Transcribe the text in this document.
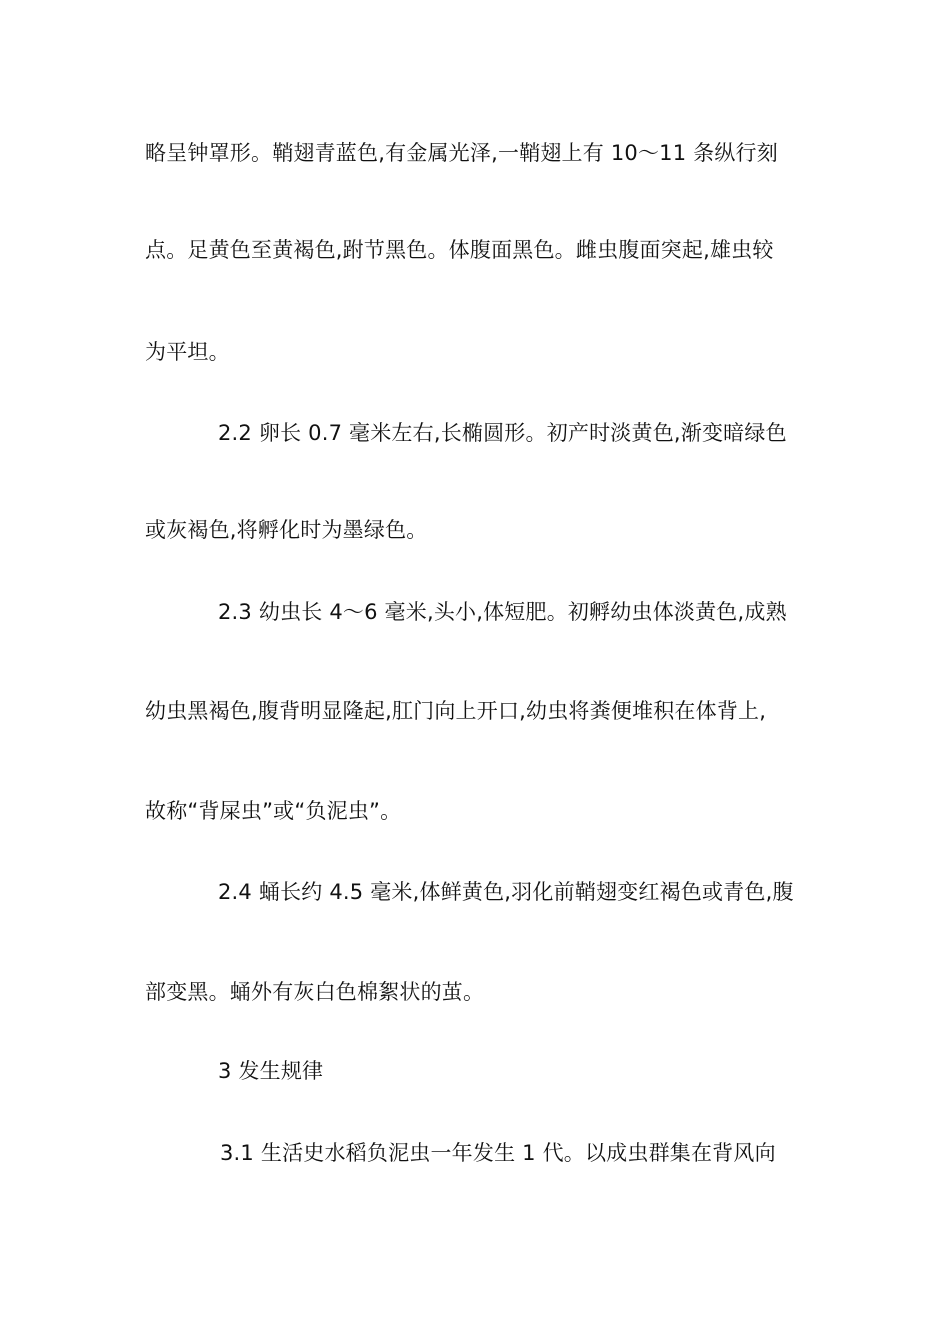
略呈钟罩形。鞘翅青蓝色,有金属光泽,一鞘翅上有 10～11 条纵行刻
点。足黄色至黄褐色,跗节黑色。体腹面黑色。雌虫腹面突起,雄虫较
为平坦。
2.2 卵长 0.7 毫米左右,长椭圆形。初产时淡黄色,渐变暗绿色
或灰褐色,将孵化时为墨绿色。
2.3 幼虫长 4～6 毫米,头小,体短肥。初孵幼虫体淡黄色,成熟
幼虫黑褐色,腹背明显隆起,肛门向上开口,幼虫将粪便堆积在体背上,
故称“背屎虫”或“负泥虫”。
2.4 蛹长约 4.5 毫米,体鲜黄色,羽化前鞘翅变红褐色或青色,腹
部变黑。蛹外有灰白色棉絮状的茧。
3 发生规律
3.1 生活史水稻负泥虫一年发生 1 代。以成虫群集在背风向
